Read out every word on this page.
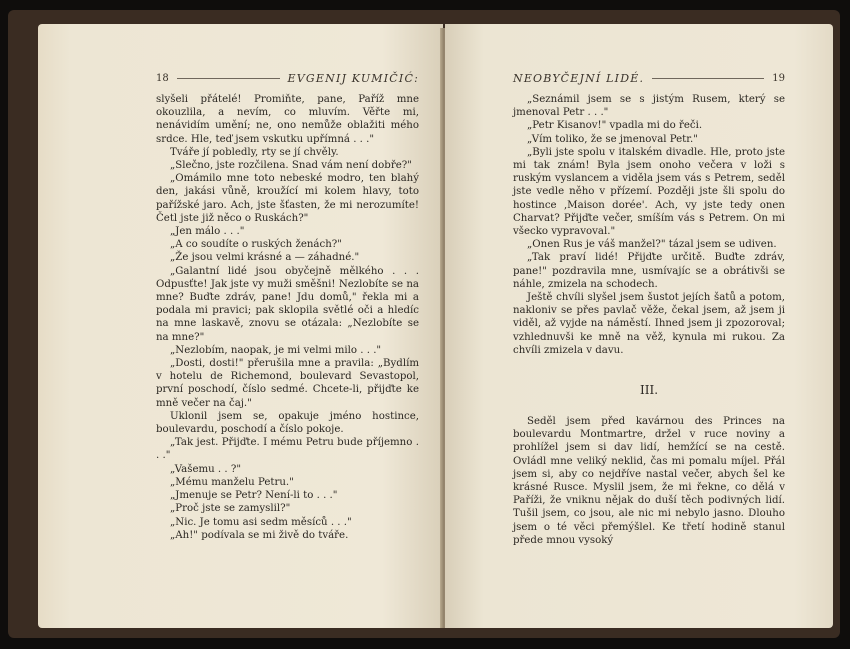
18	EVGENIJ KUMIČIĆ:

slyšeli přátelé! Promiňte, pane, Paříž mne okouzlila, a nevím, co mluvím. Věřte mi, nenávidím umění; ne, ono nemůže oblažiti mého srdce. Hle, teď jsem vskutku upřímná . . ."

Tváře jí pobledly, rty se jí chvěly.

„Slečno, jste rozčilena. Snad vám není dobře?"

„Omámilo mne toto nebeské modro, ten blahý den, jakási vůně, kroužící mi kolem hlavy, toto pařížské jaro. Ach, jste šťasten, že mi nerozumíte! Četl jste již něco o Ruskách?"

„Jen málo . . ."

„A co soudíte o ruských ženách?"

„Že jsou velmi krásné a — záhadné."

„Galantní lidé jsou obyčejně mělkého . . . Odpusťte! Jak jste vy muži směšni! Nezlobíte se na mne? Buďte zdráv, pane! Jdu domů," řekla mi a podala mi pravici; pak sklopila světlé oči a hledíc na mne laskavě, znovu se otázala: „Nezlobíte se na mne?"

„Nezlobím, naopak, je mi velmi milo . . ."

„Dosti, dosti!" přerušila mne a pravila: „Bydlím v hotelu de Richemond, boulevard Sevastopol, první poschodí, číslo sedmé. Chcete-li, přijďte ke mně večer na čaj."

Uklonil jsem se, opakuje jméno hostince, boulevardu, poschodí a číslo pokoje.

„Tak jest. Přijďte. I mému Petru bude příjemno . . ."

„Vašemu . . ?"

„Mému manželu Petru."

„Jmenuje se Petr? Není-li to . . ."

„Proč jste se zamyslil?"

„Nic. Je tomu asi sedm měsíců . . ."

„Ah!" podívala se mi živě do tváře.

NEOBYČEJNÍ LIDÉ.	19

„Seznámil jsem se s jistým Rusem, který se jmenoval Petr . . ."

„Petr Kisanov!" vpadla mi do řeči.

„Vím toliko, že se jmenoval Petr."

„Byli jste spolu v italském divadle. Hle, proto jste mi tak znám! Byla jsem onoho večera v loži s ruským vyslancem a viděla jsem vás s Petrem, seděl jste vedle něho v přízemí. Později jste šli spolu do hostince ‚Maison dorée'. Ach, vy jste tedy onen Charvat? Přijďte večer, smíším vás s Petrem. On mi všecko vypravoval."

„Onen Rus je váš manžel?" tázal jsem se udiven.

„Tak praví lidé! Přijďte určitě. Buďte zdráv, pane!" pozdravila mne, usmívajíc se a obrátivši se náhle, zmizela na schodech.

Ještě chvíli slyšel jsem šustot jejích šatů a potom, nakloniv se přes pavlač věže, čekal jsem, až jsem ji viděl, až vyjde na náměstí. Ihned jsem ji zpozoroval; vzhlednuvši ke mně na věž, kynula mi rukou. Za chvíli zmizela v davu.

III.

Seděl jsem před kavárnou des Princes na boulevardu Montmartre, držel v ruce noviny a prohlížel jsem si dav lidí, hemžící se na cestě. Ovládl mne veliký neklid, čas mi pomalu míjel. Přál jsem si, aby co nejdříve nastal večer, abych šel ke krásné Rusce. Myslil jsem, že mi řekne, co dělá v Paříži, že vniknu nějak do duší těch podivných lidí. Tušil jsem, co jsou, ale nic mi nebylo jasno. Dlouho jsem o té věci přemýšlel. Ke třetí hodině stanul přede mnou vysoký
